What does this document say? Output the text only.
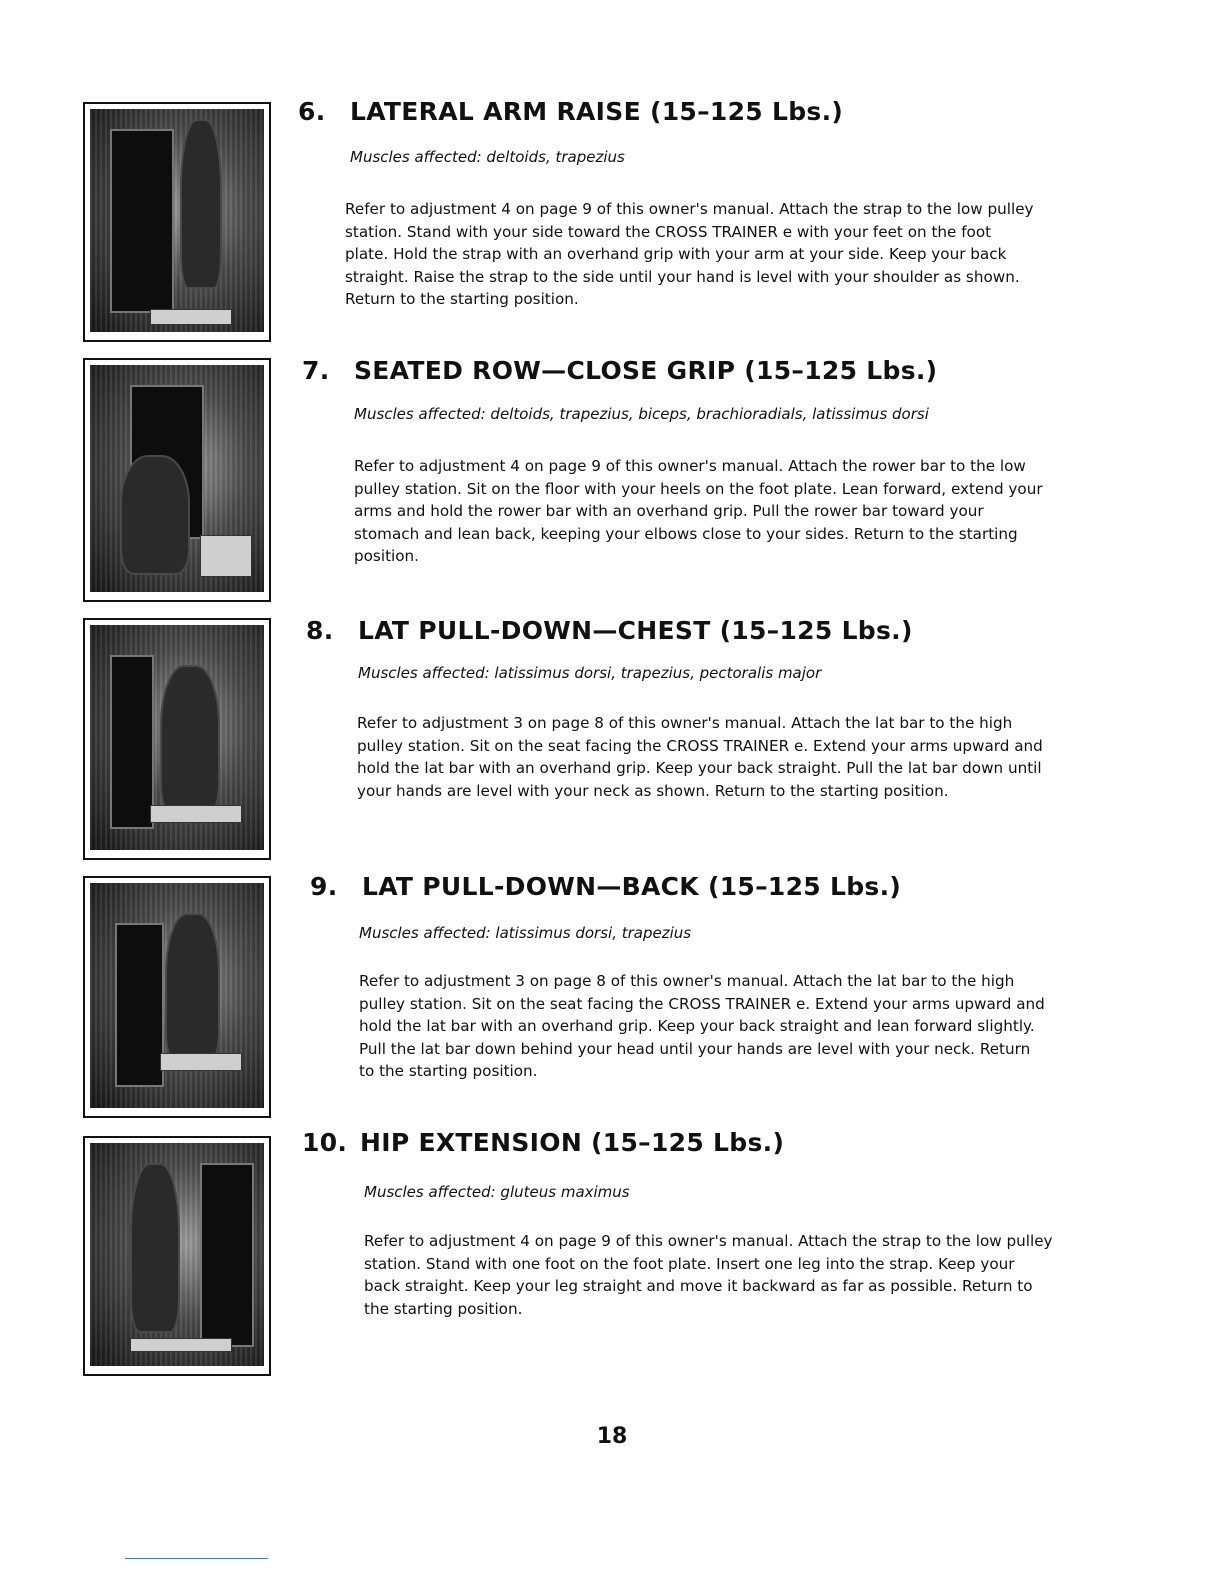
6. LATERAL ARM RAISE (15–125 Lbs.)

Muscles affected: deltoids, trapezius

Refer to adjustment 4 on page 9 of this owner's manual. Attach the strap to the low pulley station. Stand with your side toward the CROSS TRAINER e with your feet on the foot plate. Hold the strap with an overhand grip with your arm at your side. Keep your back straight. Raise the strap to the side until your hand is level with your shoulder as shown. Return to the starting position.

7. SEATED ROW—CLOSE GRIP (15–125 Lbs.)

Muscles affected: deltoids, trapezius, biceps, brachioradials, latissimus dorsi

Refer to adjustment 4 on page 9 of this owner's manual. Attach the rower bar to the low pulley station. Sit on the floor with your heels on the foot plate. Lean forward, extend your arms and hold the rower bar with an overhand grip. Pull the rower bar toward your stomach and lean back, keeping your elbows close to your sides. Return to the starting position.

8. LAT PULL-DOWN—CHEST (15–125 Lbs.)

Muscles affected: latissimus dorsi, trapezius, pectoralis major

Refer to adjustment 3 on page 8 of this owner's manual. Attach the lat bar to the high pulley station. Sit on the seat facing the CROSS TRAINER e. Extend your arms upward and hold the lat bar with an overhand grip. Keep your back straight. Pull the lat bar down until your hands are level with your neck as shown. Return to the starting position.

9. LAT PULL-DOWN—BACK (15–125 Lbs.)

Muscles affected: latissimus dorsi, trapezius

Refer to adjustment 3 on page 8 of this owner's manual. Attach the lat bar to the high pulley station. Sit on the seat facing the CROSS TRAINER e. Extend your arms upward and hold the lat bar with an overhand grip. Keep your back straight and lean forward slightly. Pull the lat bar down behind your head until your hands are level with your neck. Return to the starting position.

10. HIP EXTENSION (15–125 Lbs.)

Muscles affected: gluteus maximus

Refer to adjustment 4 on page 9 of this owner's manual. Attach the strap to the low pulley station. Stand with one foot on the foot plate. Insert one leg into the strap. Keep your back straight. Keep your leg straight and move it backward as far as possible. Return to the starting position.

18
